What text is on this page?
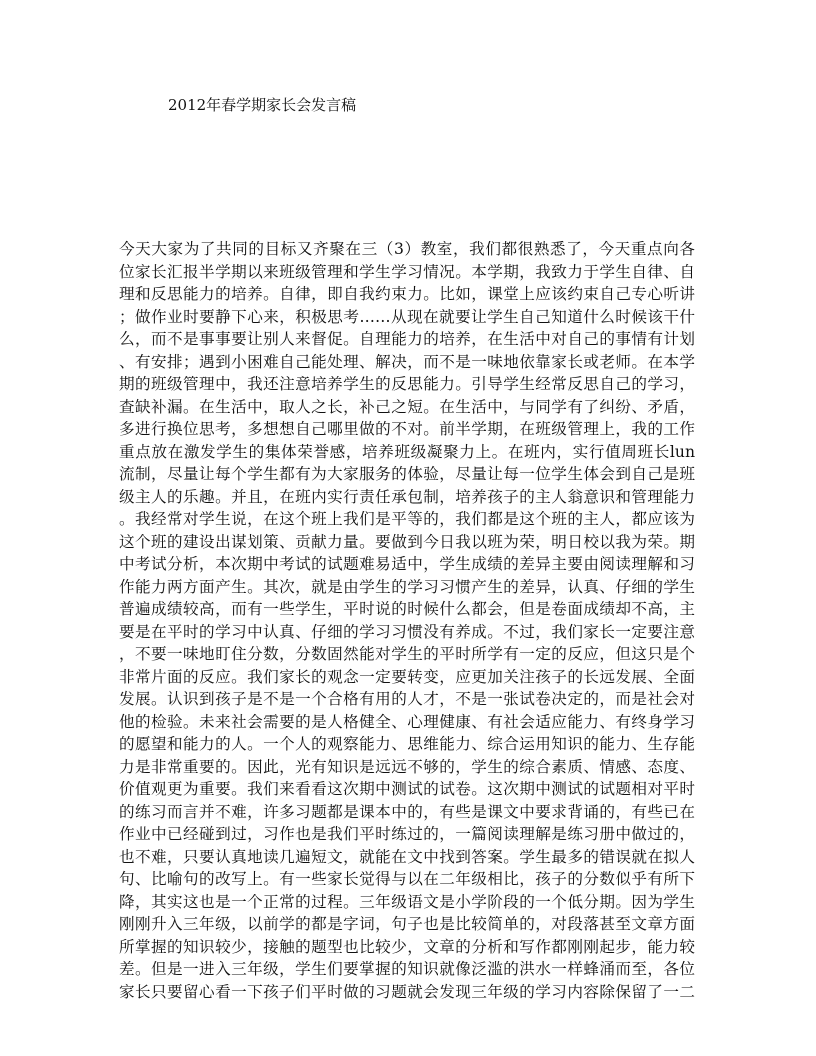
2012年春学期家长会发言稿
今天大家为了共同的目标又齐聚在三（3）教室，我们都很熟悉了，今天重点向各
位家长汇报半学期以来班级管理和学生学习情况。本学期，我致力于学生自律、自
理和反思能力的培养。自律，即自我约束力。比如，课堂上应该约束自己专心听讲
；做作业时要静下心来，积极思考……从现在就要让学生自己知道什么时候该干什
么，而不是事事要让别人来督促。自理能力的培养，在生活中对自己的事情有计划
、有安排；遇到小困难自己能处理、解决，而不是一味地依靠家长或老师。在本学
期的班级管理中，我还注意培养学生的反思能力。引导学生经常反思自己的学习，
查缺补漏。在生活中，取人之长，补己之短。在生活中，与同学有了纠纷、矛盾，
多进行换位思考，多想想自己哪里做的不对。前半学期，在班级管理上，我的工作
重点放在激发学生的集体荣誉感，培养班级凝聚力上。在班内，实行值周班长lun
流制，尽量让每个学生都有为大家服务的体验，尽量让每一位学生体会到自己是班
级主人的乐趣。并且，在班内实行责任承包制，培养孩子的主人翁意识和管理能力
。我经常对学生说，在这个班上我们是平等的，我们都是这个班的主人，都应该为
这个班的建设出谋划策、贡献力量。要做到今日我以班为荣，明日校以我为荣。期
中考试分析，本次期中考试的试题难易适中，学生成绩的差异主要由阅读理解和习
作能力两方面产生。其次，就是由学生的学习习惯产生的差异，认真、仔细的学生
普遍成绩较高，而有一些学生，平时说的时候什么都会，但是卷面成绩却不高，主
要是在平时的学习中认真、仔细的学习习惯没有养成。不过，我们家长一定要注意
，不要一味地盯住分数，分数固然能对学生的平时所学有一定的反应，但这只是个
非常片面的反应。我们家长的观念一定要转变，应更加关注孩子的长远发展、全面
发展。认识到孩子是不是一个合格有用的人才，不是一张试卷决定的，而是社会对
他的检验。未来社会需要的是人格健全、心理健康、有社会适应能力、有终身学习
的愿望和能力的人。一个人的观察能力、思维能力、综合运用知识的能力、生存能
力是非常重要的。因此，光有知识是远远不够的，学生的综合素质、情感、态度、
价值观更为重要。我们来看看这次期中测试的试卷。这次期中测试的试题相对平时
的练习而言并不难，许多习题都是课本中的，有些是课文中要求背诵的，有些已在
作业中已经碰到过，习作也是我们平时练过的，一篇阅读理解是练习册中做过的，
也不难，只要认真地读几遍短文，就能在文中找到答案。学生最多的错误就在拟人
句、比喻句的改写上。有一些家长觉得与以在二年级相比，孩子的分数似乎有所下
降，其实这也是一个正常的过程。三年级语文是小学阶段的一个低分期。因为学生
刚刚升入三年级，以前学的都是字词，句子也是比较简单的，对段落甚至文章方面
所掌握的知识较少，接触的题型也比较少，文章的分析和写作都刚刚起步，能力较
差。但是一进入三年级，学生们要掌握的知识就像泛滥的洪水一样蜂涌而至，各位
家长只要留心看一下孩子们平时做的习题就会发现三年级的学习内容除保留了一二
